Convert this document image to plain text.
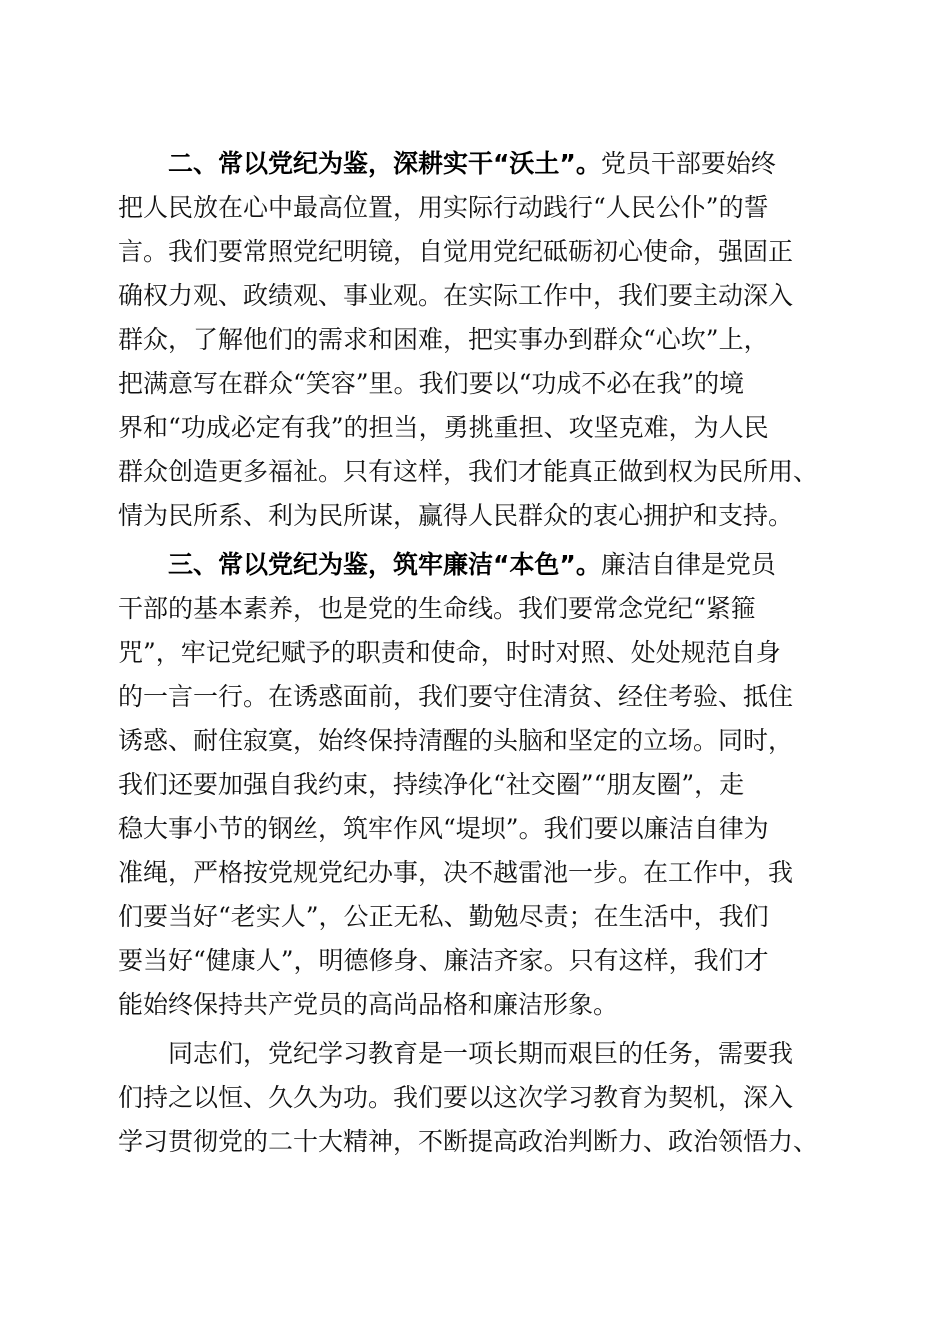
二、常以党纪为鉴，深耕实干“沃土”。党员干部要始终
把人民放在心中最高位置，用实际行动践行“人民公仆”的誓
言。我们要常照党纪明镜，自觉用党纪砥砺初心使命，强固正
确权力观、政绩观、事业观。在实际工作中，我们要主动深入
群众，了解他们的需求和困难，把实事办到群众“心坎”上，
把满意写在群众“笑容”里。我们要以“功成不必在我”的境
界和“功成必定有我”的担当，勇挑重担、攻坚克难，为人民
群众创造更多福祉。只有这样，我们才能真正做到权为民所用、
情为民所系、利为民所谋，赢得人民群众的衷心拥护和支持。
三、常以党纪为鉴，筑牢廉洁“本色”。廉洁自律是党员
干部的基本素养，也是党的生命线。我们要常念党纪“紧箍
咒”，牢记党纪赋予的职责和使命，时时对照、处处规范自身
的一言一行。在诱惑面前，我们要守住清贫、经住考验、抵住
诱惑、耐住寂寞，始终保持清醒的头脑和坚定的立场。同时，
我们还要加强自我约束，持续净化“社交圈”“朋友圈”，走
稳大事小节的钢丝，筑牢作风“堤坝”。我们要以廉洁自律为
准绳，严格按党规党纪办事，决不越雷池一步。在工作中，我
们要当好“老实人”，公正无私、勤勉尽责；在生活中，我们
要当好“健康人”，明德修身、廉洁齐家。只有这样，我们才
能始终保持共产党员的高尚品格和廉洁形象。
同志们，党纪学习教育是一项长期而艰巨的任务，需要我
们持之以恒、久久为功。我们要以这次学习教育为契机，深入
学习贯彻党的二十大精神，不断提高政治判断力、政治领悟力、
